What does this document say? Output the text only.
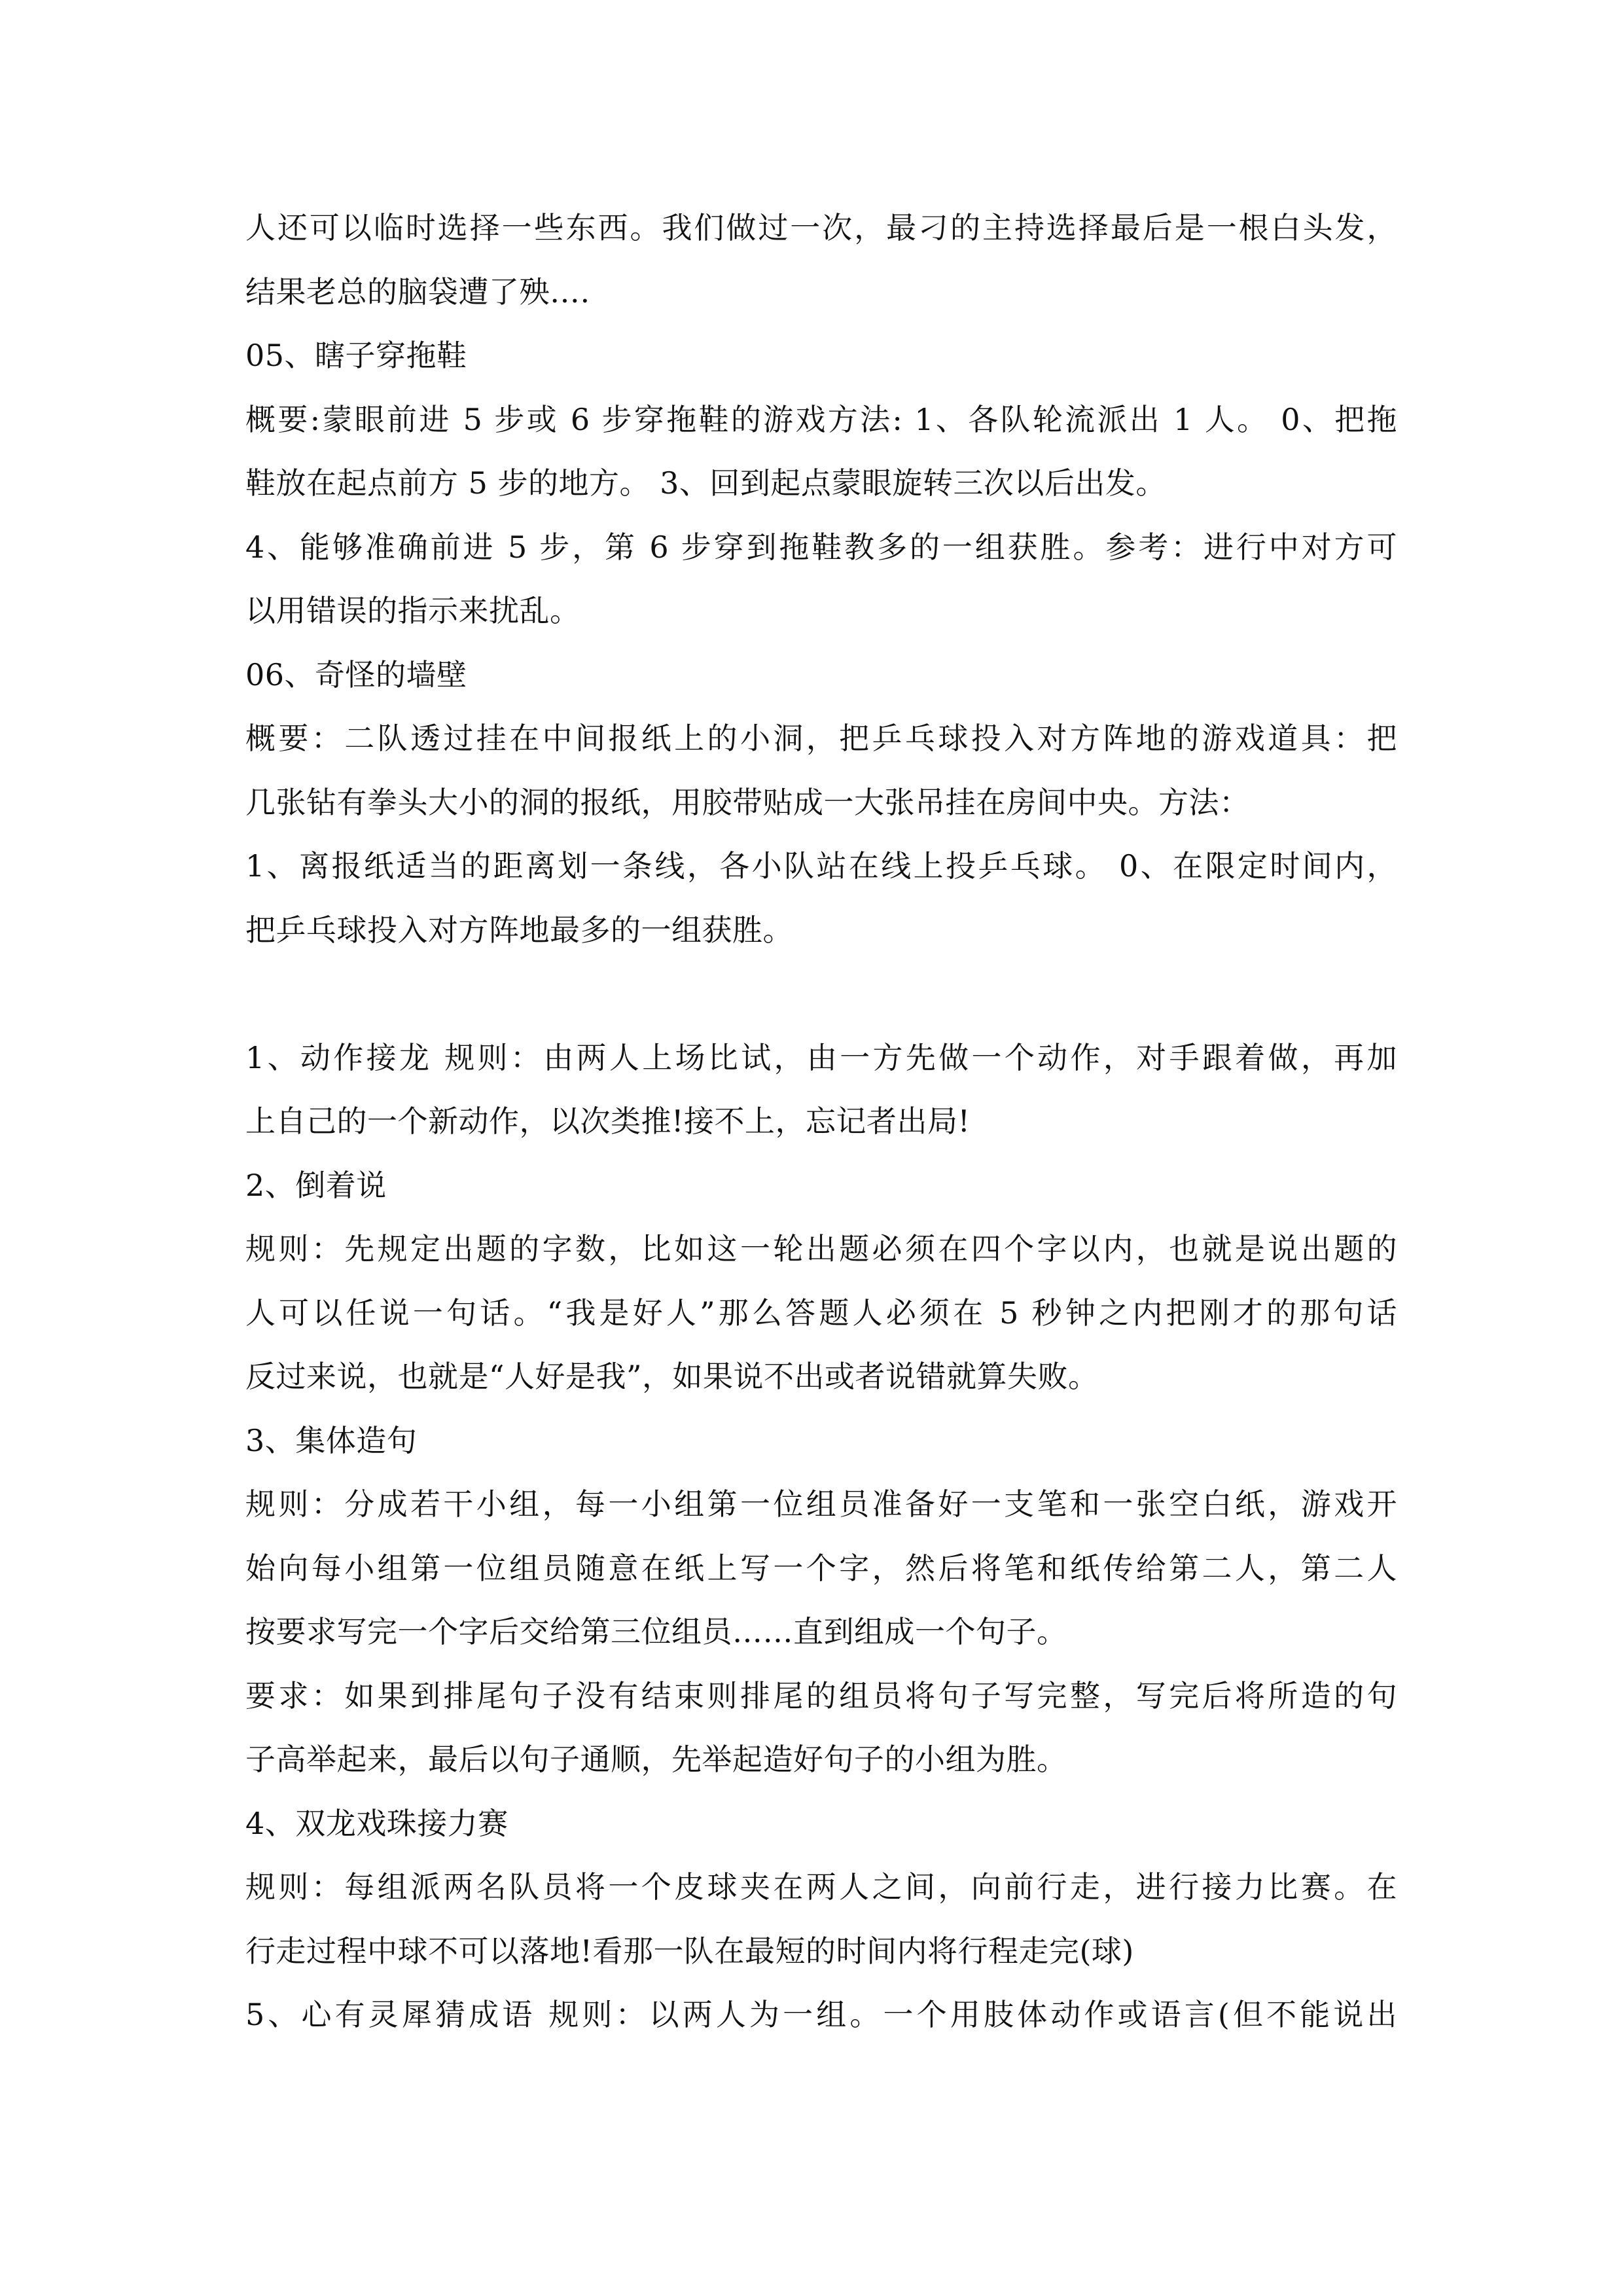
人还可以临时选择一些东西。我们做过一次，最刁的主持选择最后是一根白头发，
结果老总的脑袋遭了殃….
05、瞎子穿拖鞋
概要:蒙眼前进 5 步或 6 步穿拖鞋的游戏方法: 1、各队轮流派出 1 人。 0、把拖
鞋放在起点前方 5 步的地方。 3、回到起点蒙眼旋转三次以后出发。
4、能够准确前进 5 步，第 6 步穿到拖鞋教多的一组获胜。参考：进行中对方可
以用错误的指示来扰乱。
06、奇怪的墙壁
概要：二队透过挂在中间报纸上的小洞，把乒乓球投入对方阵地的游戏道具：把
几张钻有拳头大小的洞的报纸，用胶带贴成一大张吊挂在房间中央。方法：
1、离报纸适当的距离划一条线，各小队站在线上投乒乓球。 0、在限定时间内，
把乒乓球投入对方阵地最多的一组获胜。
1、动作接龙 规则：由两人上场比试，由一方先做一个动作，对手跟着做，再加
上自己的一个新动作，以次类推!接不上，忘记者出局!
2、倒着说
规则：先规定出题的字数，比如这一轮出题必须在四个字以内，也就是说出题的
人可以任说一句话。“我是好人”那么答题人必须在 5 秒钟之内把刚才的那句话
反过来说，也就是“人好是我”，如果说不出或者说错就算失败。
3、集体造句
规则：分成若干小组，每一小组第一位组员准备好一支笔和一张空白纸，游戏开
始向每小组第一位组员随意在纸上写一个字，然后将笔和纸传给第二人，第二人
按要求写完一个字后交给第三位组员……直到组成一个句子。
要求：如果到排尾句子没有结束则排尾的组员将句子写完整，写完后将所造的句
子高举起来，最后以句子通顺，先举起造好句子的小组为胜。
4、双龙戏珠接力赛
规则：每组派两名队员将一个皮球夹在两人之间，向前行走，进行接力比赛。在
行走过程中球不可以落地!看那一队在最短的时间内将行程走完(球)
5、心有灵犀猜成语 规则：以两人为一组。一个用肢体动作或语言(但不能说出
